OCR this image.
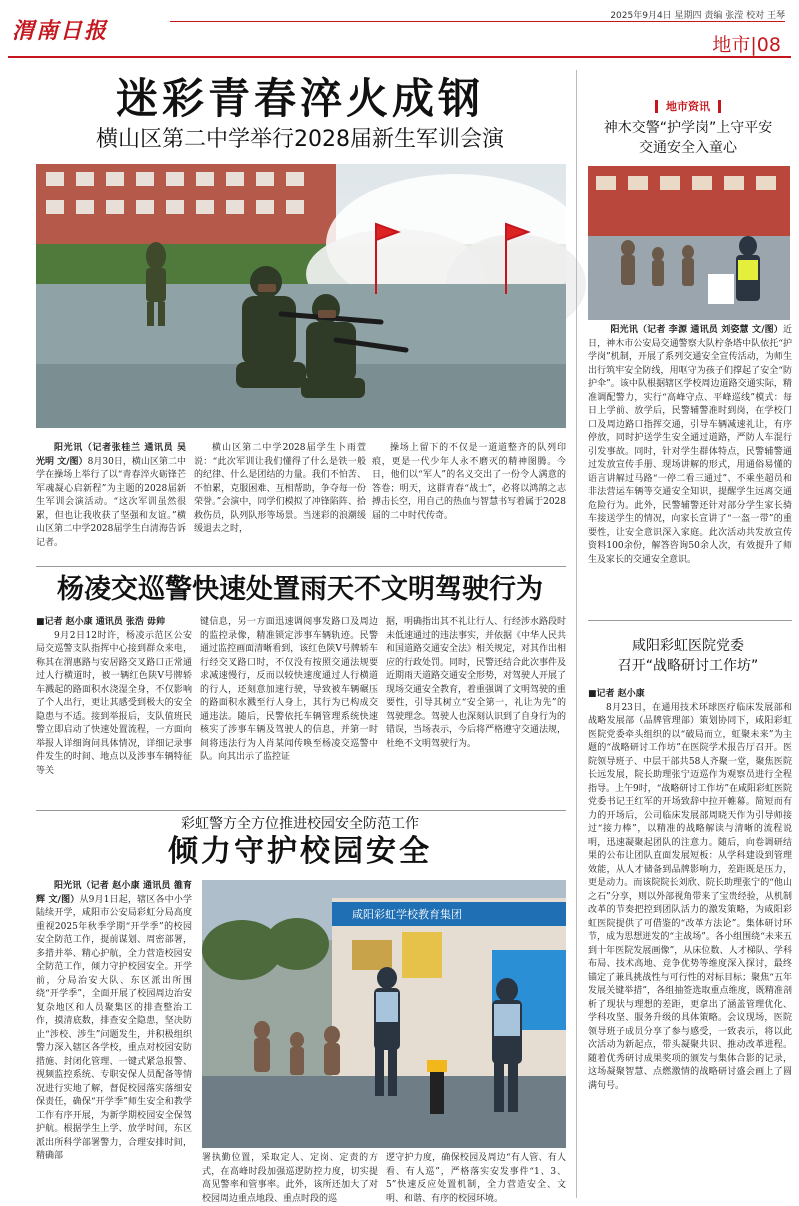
渭南日报
2025年9月4日 星期四 责编 张滢 校对 王琴
地市|08
迷彩青春淬火成钢
横山区第二中学举行2028届新生军训会演

阳光讯（记者张桂兰 通讯员 吴光明 文/图）8月30日，横山区第二中学在操场上举行了以“青春淬火砺锋芒 军魂凝心启新程”为主题的2028届新生军训会演活动。“这次军训虽然很累，但也让我收获了坚强和友谊。”横山区第二中学2028届学生白清海告诉记者。

横山区第二中学2028届学生卜雨萱说：“此次军训让我们懂得了什么是铁一般的纪律、什么是团结的力量。我们不怕苦、不怕累，克服困难、互相帮助，争夺每一份荣誉。”会演中，同学们模拟了冲锋陷阵、拾救伤员，队列队形等场景。当迷彩的浪潮缓缓退去之时，

操场上留下的不仅是一道道整齐的队列印痕，更是一代少年人永不磨灭的精神图腾。今日，他们以“军人”的名义交出了一份令人满意的答卷；明天，这群青春“战士”，必将以鸿鹄之志搏击长空，用自己的热血与智慧书写着属于2028届的二中时代传奇。

杨凌交巡警快速处置雨天不文明驾驶行为
■记者 赵小康 通讯员 张浩 毋帅

9月2日12时许，杨凌示范区公安局交巡警支队指挥中心接到群众来电，称其在渭惠路与安居路交叉路口正常通过人行横道时，被一辆红色陕V号牌轿车溅起的路面积水浇湿全身，不仅影响了个人出行，更让其感受到极大的安全隐患与不适。接到举报后，支队值班民警立即启动了快速处置流程，一方面向举报人详细询问具体情况，详细记录事件发生的时间、地点以及涉事车辆特征等关

键信息，另一方面迅速调阅事发路口及周边的监控录像，精准锁定涉事车辆轨迹。民警通过监控画面清晰看到，该红色陕V号牌轿车行经交叉路口时，不仅没有按照交通法规要求减速慢行，反而以较快速度通过人行横道的行人，还刻意加速行驶，导致被车辆碾压的路面积水溅至行人身上，其行为已构成交通违法。随后，民警依托车辆管理系统快速核实了涉事车辆及驾驶人的信息，并第一时间将违法行为人肖某闻传唤至杨凌交巡警中队。向其出示了监控证

据，明确指出其不礼让行人、行经涉水路段时未低速通过的违法事实，并依据《中华人民共和国道路交通安全法》相关规定，对其作出相应的行政处罚。同时，民警还结合此次事件及近期雨天道路交通安全形势，对驾驶人开展了现场交通安全教育，着重强调了文明驾驶的重要性，引导其树立“安全第一，礼让为先”的驾驶理念。驾驶人也深刻认识到了自身行为的错误，当场表示，今后将严格遵守交通法规，杜绝不文明驾驶行为。

彩虹警方全方位推进校园安全防范工作
倾力守护校园安全

阳光讯（记者 赵小康 通讯员 雒育辉 文/图）从9月1日起，辖区各中小学陆续开学，咸阳市公安局彩虹分局高度重视2025年秋季学期“开学季”的校园安全防范工作，提前谋划、周密部署，多措并举、精心护航，全力营造校园安全防范工作，倾力守护校园安全。开学前，分局治安大队、东区派出所围绕“开学季”，全面开展了校园周边治安复杂地区和人员聚集区的排查整治工作，摸清底数，排查安全隐患，坚决防止“涉校、涉生”问题发生，并积极组织警力深入辖区各学校，重点对校园安防措施、封闭化管理、一键式紧急报警、视频监控系统、专职安保人员配备等情况进行实地了解，督促校园落实落细安保责任，确保“开学季”师生安全和教学工作有序开展，为新学期校园安全保驾护航。根据学生上学、放学时间，东区派出所科学部署警力，合理安排时间，精确部

咸阳彩虹学校教育集团

署执勤位置，采取定人、定岗、定责的方式，在高峰时段加强巡逻防控力度，切实提高见警率和管事率。此外，该所还加大了对校园周边重点地段、重点时段的巡

逻守护力度，确保校园及周边“有人管、有人看、有人巡”，严格落实安发事件“1、3、5”快速反应处置机制，全力营造安全、文明、和谐、有序的校园环境。

地市资讯
神木交警“护学岗”上守平安
交通安全入童心

阳光讯（记者 李源 通讯员 刘姿慧 文/图）近日，神木市公安局交通警察大队柠条塔中队依托“护学岗”机制，开展了系列交通安全宣传活动，为师生出行筑牢安全防线，用呕守为孩子们撑起了安全“防护伞”。该中队根据辖区学校周边道路交通实际，精准调配警力，实行“高峰守点、平峰巡线”模式：每日上学前、放学后，民警辅警准时到岗，在学校门口及周边路口指挥交通，引导车辆减速礼让，有序停放，同时护送学生安全通过道路，严防人车混行引发事故。同时，针对学生群体特点，民警辅警通过发放宣传手册、现场讲解的形式，用通俗易懂的语言讲解过马路“一停二看三通过”、不乘坐超员和非法营运车辆等交通安全知识，提醒学生远离交通危险行为。此外，民警辅警还针对部分学生家长骑车接送学生的情况，向家长宣讲了“一盔一带”的重要性，让安全意识深入家庭。此次活动共发放宣传资料100余份，解答咨询50余人次，有效提升了师生及家长的交通安全意识。

咸阳彩虹医院党委
召开“战略研讨工作坊”
■记者 赵小康

8月23日，在通用技术环球医疗临床发展部和战略发展部（品牌管理部）策划协同下，咸阳彩虹医院党委牵头组织的以“破局而立，虹聚未来”为主题的“战略研讨工作坊”在医院学术报告厅召开。医院领导班子、中层干部共58人齐聚一堂，聚焦医院长远发展，院长助理张宁迈巡作为观察员进行全程指导。上午9时，“战略研讨工作坊”在咸阳彩虹医院党委书记王红军的开场致辞中拉开帷幕。简短而有力的开场后，公司临床发展部周晓天作为引导师接过“接力棒”，以精准的战略解读与清晰的流程说明，迅速凝聚起团队的注意力。随后，向卷调研结果的公布让团队直面发展短板：从学科建设到管理效能，从人才储备到品牌影响力，差距既是压力，更是动力。而该院院长刘欣、院长助理张宁的“他山之石”分享，则以外部视角带来了宝贵经验，从机制改革的节奏把控到团队活力的激发策略，为咸阳彩虹医院提供了可借鉴的“改革方法论”。集体研讨环节，成为思想迸发的“主战场”。各小组围绕“未来五到十年医院发展画像”，从床位数、人才梯队、学科布局、技术高地、竞争优势等维度深入探讨，最终锚定了兼具挑战性与可行性的对标目标；聚焦“五年发展关键举措”，各组抽签选取重点维度，既精准剖析了现状与理想的差距，更拿出了涵盖管理优化、学科攻坚、服务升级的具体策略。会议现场，医院领导班子成员分享了参与感受，一致表示，将以此次活动为新起点，带头凝聚共识、推动改革进程。随着优秀研讨成果奖项的颁发与集体合影的记录，这场凝聚智慧、点燃激情的战略研讨盛会画上了圆满句号。
